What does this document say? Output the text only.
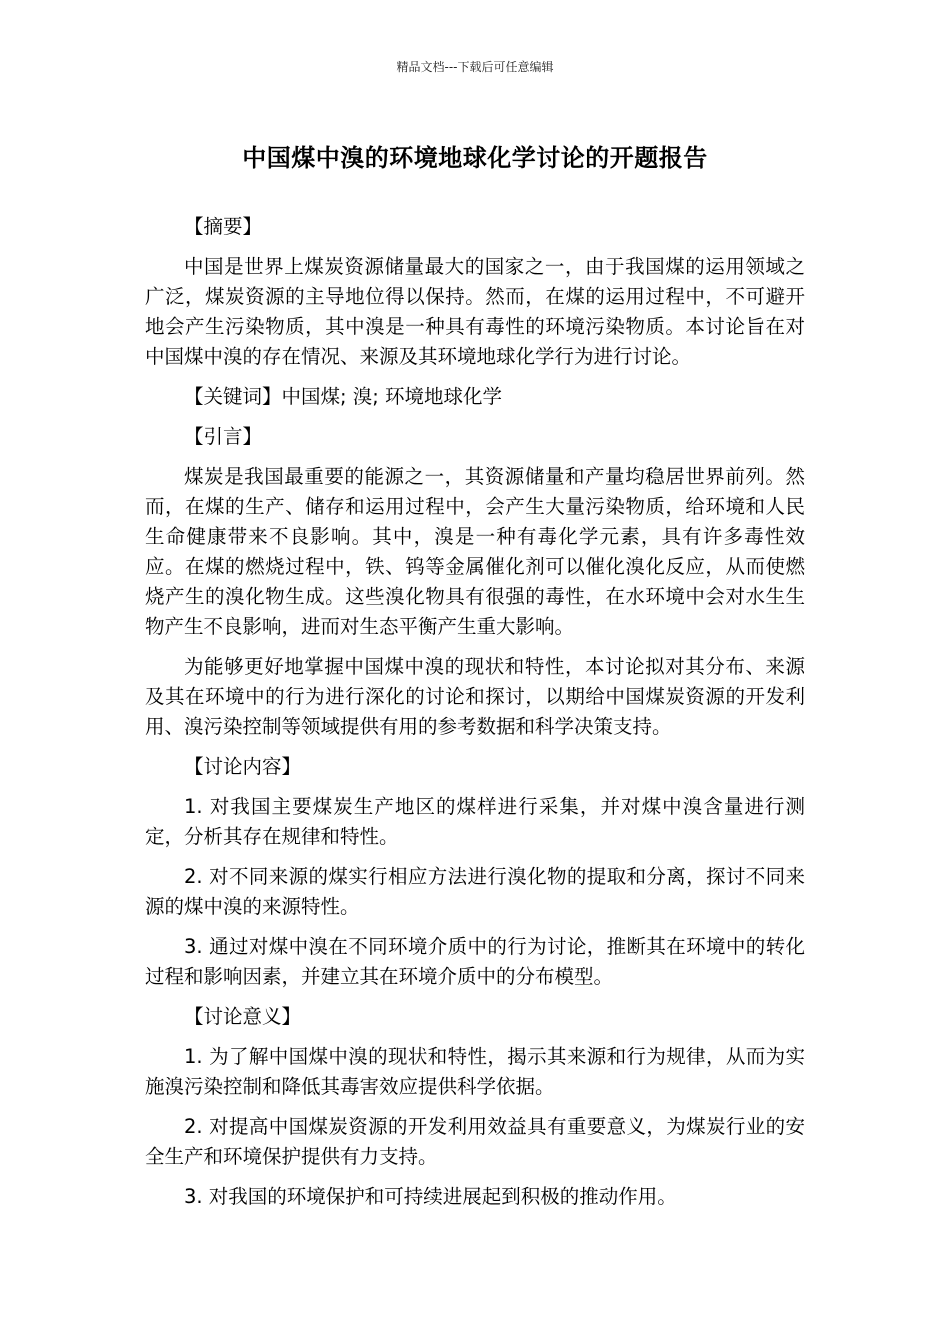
精品文档---下载后可任意编辑
中国煤中溴的环境地球化学讨论的开题报告

【摘要】

中国是世界上煤炭资源储量最大的国家之一，由于我国煤的运用领域之广泛，煤炭资源的主导地位得以保持。然而，在煤的运用过程中，不可避开地会产生污染物质，其中溴是一种具有毒性的环境污染物质。本讨论旨在对中国煤中溴的存在情况、来源及其环境地球化学行为进行讨论。

【关键词】中国煤; 溴; 环境地球化学

【引言】

煤炭是我国最重要的能源之一，其资源储量和产量均稳居世界前列。然而，在煤的生产、储存和运用过程中，会产生大量污染物质，给环境和人民生命健康带来不良影响。其中，溴是一种有毒化学元素，具有许多毒性效应。在煤的燃烧过程中，铁、钨等金属催化剂可以催化溴化反应，从而使燃烧产生的溴化物生成。这些溴化物具有很强的毒性，在水环境中会对水生生物产生不良影响，进而对生态平衡产生重大影响。

为能够更好地掌握中国煤中溴的现状和特性，本讨论拟对其分布、来源及其在环境中的行为进行深化的讨论和探讨，以期给中国煤炭资源的开发利用、溴污染控制等领域提供有用的参考数据和科学决策支持。

【讨论内容】

1. 对我国主要煤炭生产地区的煤样进行采集，并对煤中溴含量进行测定，分析其存在规律和特性。

2. 对不同来源的煤实行相应方法进行溴化物的提取和分离，探讨不同来源的煤中溴的来源特性。

3. 通过对煤中溴在不同环境介质中的行为讨论，推断其在环境中的转化过程和影响因素，并建立其在环境介质中的分布模型。

【讨论意义】

1. 为了解中国煤中溴的现状和特性，揭示其来源和行为规律，从而为实施溴污染控制和降低其毒害效应提供科学依据。

2. 对提高中国煤炭资源的开发利用效益具有重要意义，为煤炭行业的安全生产和环境保护提供有力支持。

3. 对我国的环境保护和可持续进展起到积极的推动作用。
